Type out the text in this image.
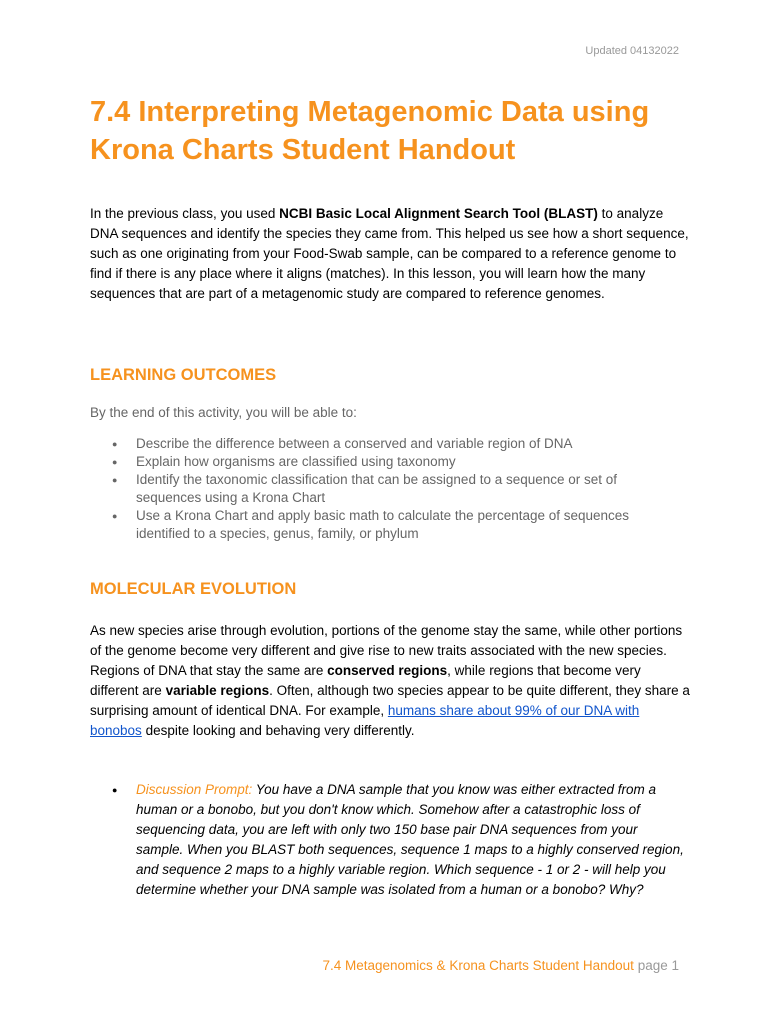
Updated 04132022
7.4 Interpreting Metagenomic Data using Krona Charts Student Handout

In the previous class, you used NCBI Basic Local Alignment Search Tool (BLAST) to analyze DNA sequences and identify the species they came from. This helped us see how a short sequence, such as one originating from your Food-Swab sample, can be compared to a reference genome to find if there is any place where it aligns (matches). In this lesson, you will learn how the many sequences that are part of a metagenomic study are compared to reference genomes.

LEARNING OUTCOMES

By the end of this activity, you will be able to:

● Describe the difference between a conserved and variable region of DNA
● Explain how organisms are classified using taxonomy
● Identify the taxonomic classification that can be assigned to a sequence or set of sequences using a Krona Chart
● Use a Krona Chart and apply basic math to calculate the percentage of sequences identified to a species, genus, family, or phylum
MOLECULAR EVOLUTION

As new species arise through evolution, portions of the genome stay the same, while other portions of the genome become very different and give rise to new traits associated with the new species. Regions of DNA that stay the same are conserved regions, while regions that become very different are variable regions. Often, although two species appear to be quite different, they share a surprising amount of identical DNA. For example, humans share about 99% of our DNA with bonobos despite looking and behaving very differently.

●	Discussion Prompt: You have a DNA sample that you know was either extracted from a human or a bonobo, but you don't know which. Somehow after a catastrophic loss of sequencing data, you are left with only two 150 base pair DNA sequences from your sample. When you BLAST both sequences, sequence 1 maps to a highly conserved region, and sequence 2 maps to a highly variable region. Which sequence - 1 or 2 - will help you determine whether your DNA sample was isolated from a human or a bonobo? Why?
7.4 Metagenomics & Krona Charts Student Handout page 1
